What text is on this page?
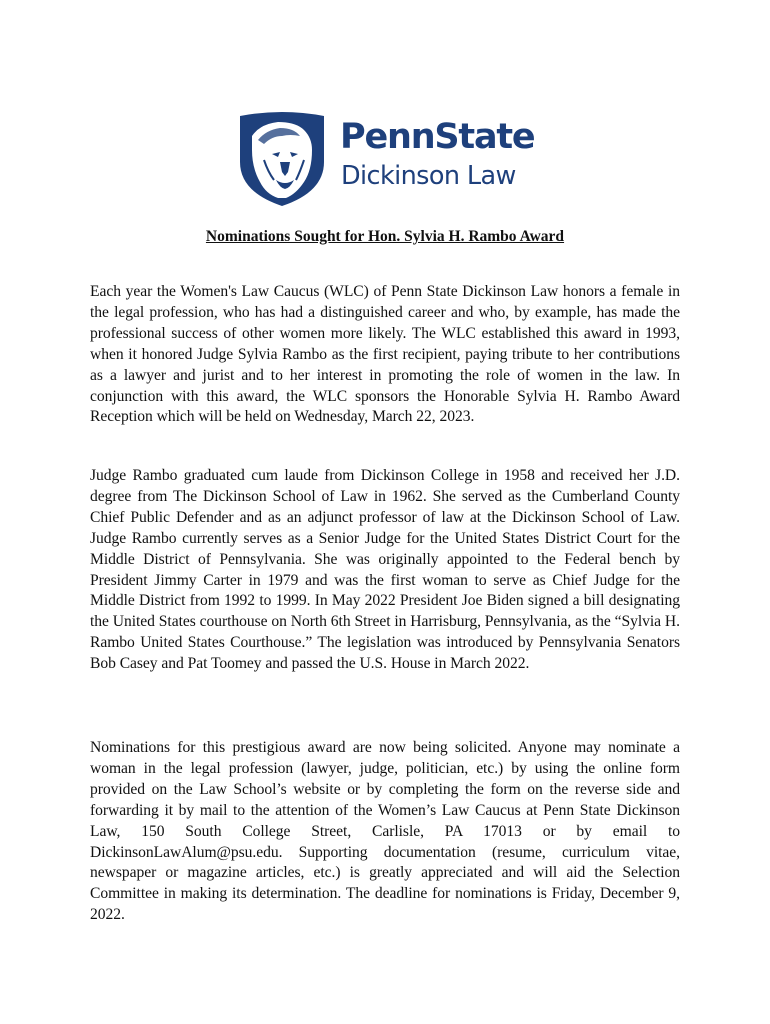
PennState
Dickinson Law
Nominations Sought for Hon. Sylvia H. Rambo Award

Each year the Women's Law Caucus (WLC) of Penn State Dickinson Law honors a female in the legal profession, who has had a distinguished career and who, by example, has made the professional success of other women more likely. The WLC established this award in 1993, when it honored Judge Sylvia Rambo as the first recipient, paying tribute to her contributions as a lawyer and jurist and to her interest in promoting the role of women in the law. In conjunction with this award, the WLC sponsors the Honorable Sylvia H. Rambo Award Reception which will be held on Wednesday, March 22, 2023.

Judge Rambo graduated cum laude from Dickinson College in 1958 and received her J.D. degree from The Dickinson School of Law in 1962. She served as the Cumberland County Chief Public Defender and as an adjunct professor of law at the Dickinson School of Law. Judge Rambo currently serves as a Senior Judge for the United States District Court for the Middle District of Pennsylvania. She was originally appointed to the Federal bench by President Jimmy Carter in 1979 and was the first woman to serve as Chief Judge for the Middle District from 1992 to 1999. In May 2022 President Joe Biden signed a bill designating the United States courthouse on North 6th Street in Harrisburg, Pennsylvania, as the “Sylvia H. Rambo United States Courthouse.” The legislation was introduced by Pennsylvania Senators Bob Casey and Pat Toomey and passed the U.S. House in March 2022.

Nominations for this prestigious award are now being solicited. Anyone may nominate a woman in the legal profession (lawyer, judge, politician, etc.) by using the online form provided on the Law School’s website or by completing the form on the reverse side and forwarding it by mail to the attention of the Women’s Law Caucus at Penn State Dickinson Law, 150 South College Street, Carlisle, PA 17013 or by email to DickinsonLawAlum@psu.edu. Supporting documentation (resume, curriculum vitae, newspaper or magazine articles, etc.) is greatly appreciated and will aid the Selection Committee in making its determination. The deadline for nominations is Friday, December 9, 2022.
